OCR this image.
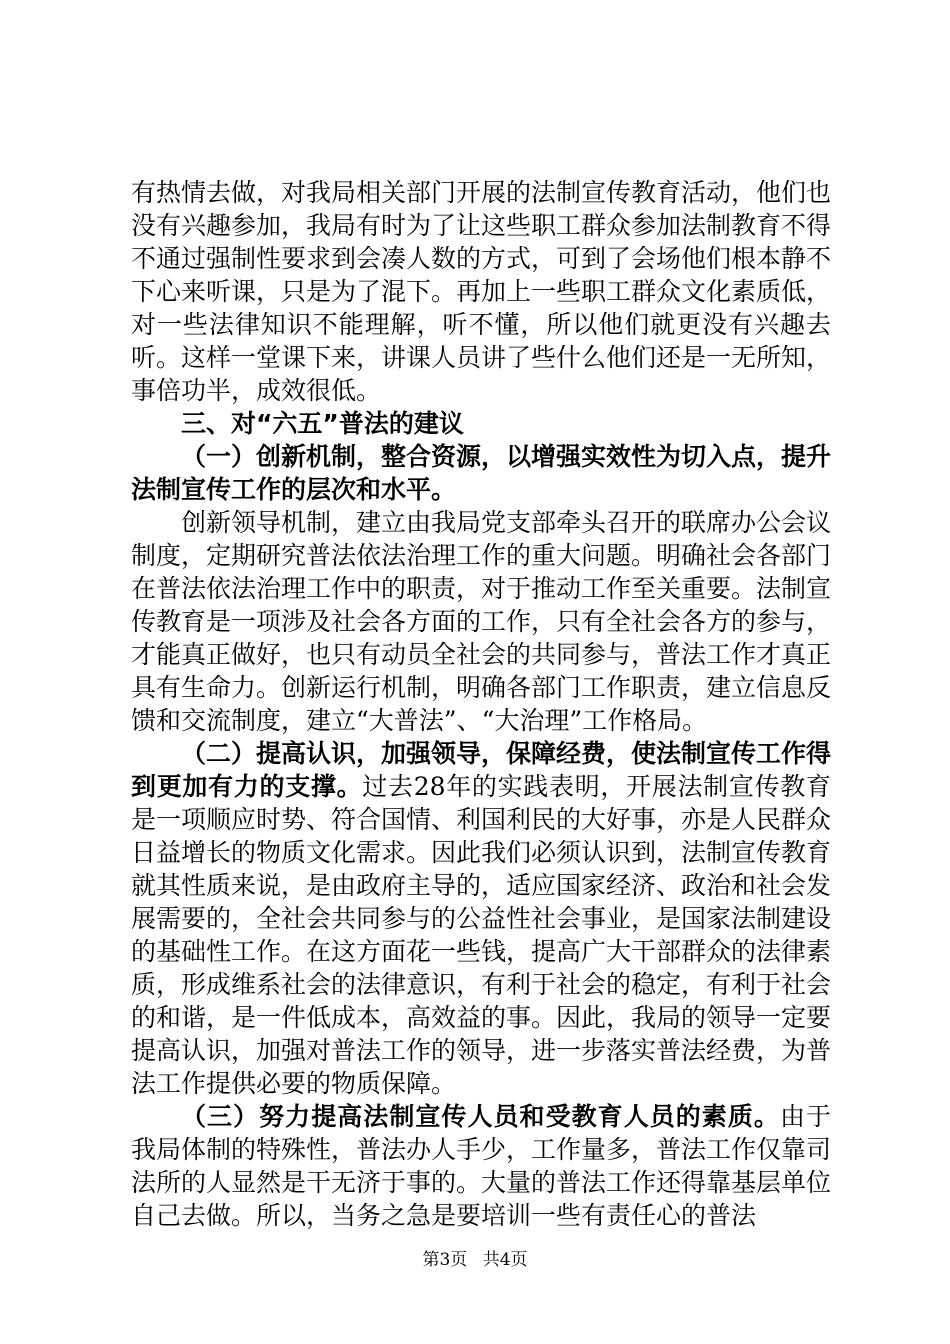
有热情去做，对我局相关部门开展的法制宣传教育活动，他们也没有兴趣参加，我局有时为了让这些职工群众参加法制教育不得不通过强制性要求到会凑人数的方式，可到了会场他们根本静不下心来听课，只是为了混下。再加上一些职工群众文化素质低，对一些法律知识不能理解，听不懂，所以他们就更没有兴趣去听。这样一堂课下来，讲课人员讲了些什么他们还是一无所知，事倍功半，成效很低。

三、对“六五”普法的建议

（一）创新机制，整合资源，以增强实效性为切入点，提升法制宣传工作的层次和水平。

创新领导机制，建立由我局党支部牵头召开的联席办公会议制度，定期研究普法依法治理工作的重大问题。明确社会各部门在普法依法治理工作中的职责，对于推动工作至关重要。法制宣传教育是一项涉及社会各方面的工作，只有全社会各方的参与，才能真正做好，也只有动员全社会的共同参与，普法工作才真正具有生命力。创新运行机制，明确各部门工作职责，建立信息反馈和交流制度，建立“大普法”、“大治理”工作格局。

（二）提高认识，加强领导，保障经费，使法制宣传工作得到更加有力的支撑。过去28年的实践表明，开展法制宣传教育是一项顺应时势、符合国情、利国利民的大好事，亦是人民群众日益增长的物质文化需求。因此我们必须认识到，法制宣传教育就其性质来说，是由政府主导的，适应国家经济、政治和社会发展需要的，全社会共同参与的公益性社会事业，是国家法制建设的基础性工作。在这方面花一些钱，提高广大干部群众的法律素质，形成维系社会的法律意识，有利于社会的稳定，有利于社会的和谐，是一件低成本，高效益的事。因此，我局的领导一定要提高认识，加强对普法工作的领导，进一步落实普法经费，为普法工作提供必要的物质保障。

（三）努力提高法制宣传人员和受教育人员的素质。由于我局体制的特殊性，普法办人手少，工作量多，普法工作仅靠司法所的人显然是干无济于事的。大量的普法工作还得靠基层单位自己去做。所以，当务之急是要培训一些有责任心的普法

第3页 共4页
